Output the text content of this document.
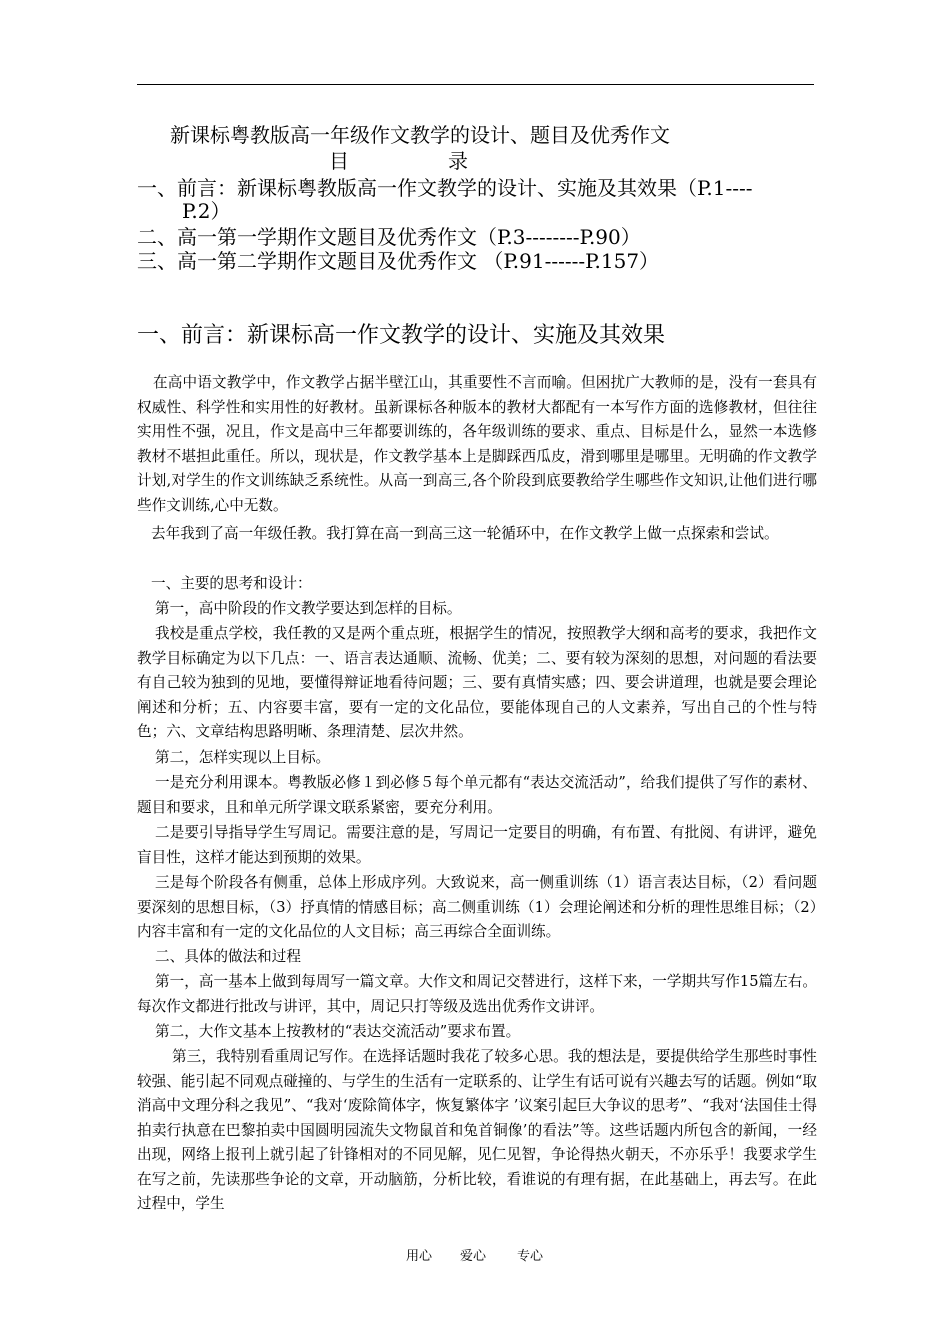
新课标粤教版高一年级作文教学的设计、题目及优秀作文
目	录
一、前言：新课标粤教版高一作文教学的设计、实施及其效果（P.1----
P.2）
二、高一第一学期作文题目及优秀作文（P.3--------P.90）
三、高一第二学期作文题目及优秀作文 （P.91------P.157）
一、前言：新课标高一作文教学的设计、实施及其效果

在高中语文教学中，作文教学占据半壁江山，其重要性不言而喻。但困扰广大教师的是，没有一套具有权威性、科学性和实用性的好教材。虽新课标各种版本的教材大都配有一本写作方面的选修教材，但往往实用性不强，况且，作文是高中三年都要训练的，各年级训练的要求、重点、目标是什么，显然一本选修教材不堪担此重任。所以，现状是，作文教学基本上是脚踩西瓜皮，滑到哪里是哪里。无明确的作文教学计划,对学生的作文训练缺乏系统性。从高一到高三,各个阶段到底要教给学生哪些作文知识,让他们进行哪些作文训练,心中无数。

去年我到了高一年级任教。我打算在高一到高三这一轮循环中，在作文教学上做一点探索和尝试。

一、主要的思考和设计：

第一，高中阶段的作文教学要达到怎样的目标。

我校是重点学校，我任教的又是两个重点班，根据学生的情况，按照教学大纲和高考的要求，我把作文教学目标确定为以下几点：一、语言表达通顺、流畅、优美；二、要有较为深刻的思想，对问题的看法要有自己较为独到的见地，要懂得辩证地看待问题；三、要有真情实感；四、要会讲道理，也就是要会理论阐述和分析；五、内容要丰富，要有一定的文化品位，要能体现自己的人文素养，写出自己的个性与特色；六、文章结构思路明晰、条理清楚、层次井然。

第二，怎样实现以上目标。

一是充分利用课本。粤教版必修１到必修５每个单元都有“表达交流活动”，给我们提供了写作的素材、题目和要求，且和单元所学课文联系紧密，要充分利用。

二是要引导指导学生写周记。需要注意的是，写周记一定要目的明确，有布置、有批阅、有讲评，避免盲目性，这样才能达到预期的效果。

三是每个阶段各有侧重，总体上形成序列。大致说来，高一侧重训练（1）语言表达目标，（2）看问题要深刻的思想目标，（3）抒真情的情感目标；高二侧重训练（1）会理论阐述和分析的理性思维目标；（2）内容丰富和有一定的文化品位的人文目标；高三再综合全面训练。

二、具体的做法和过程

第一，高一基本上做到每周写一篇文章。大作文和周记交替进行，这样下来，一学期共写作15篇左右。每次作文都进行批改与讲评，其中，周记只打等级及选出优秀作文讲评。

第二，大作文基本上按教材的“表达交流活动”要求布置。

第三，我特别看重周记写作。在选择话题时我花了较多心思。我的想法是，要提供给学生那些时事性较强、能引起不同观点碰撞的、与学生的生活有一定联系的、让学生有话可说有兴趣去写的话题。例如“取消高中文理分科之我见”、“我对‘废除简体字，恢复繁体字 ’议案引起巨大争议的思考”、“我对‘法国佳士得拍卖行执意在巴黎拍卖中国圆明园流失文物鼠首和兔首铜像’的看法”等。这些话题内所包含的新闻，一经出现，网络上报刊上就引起了针锋相对的不同见解，见仁见智，争论得热火朝天，不亦乐乎！我要求学生在写之前，先读那些争论的文章，开动脑筋，分析比较，看谁说的有理有据，在此基础上，再去写。在此过程中，学生

用心 爱心 专心
